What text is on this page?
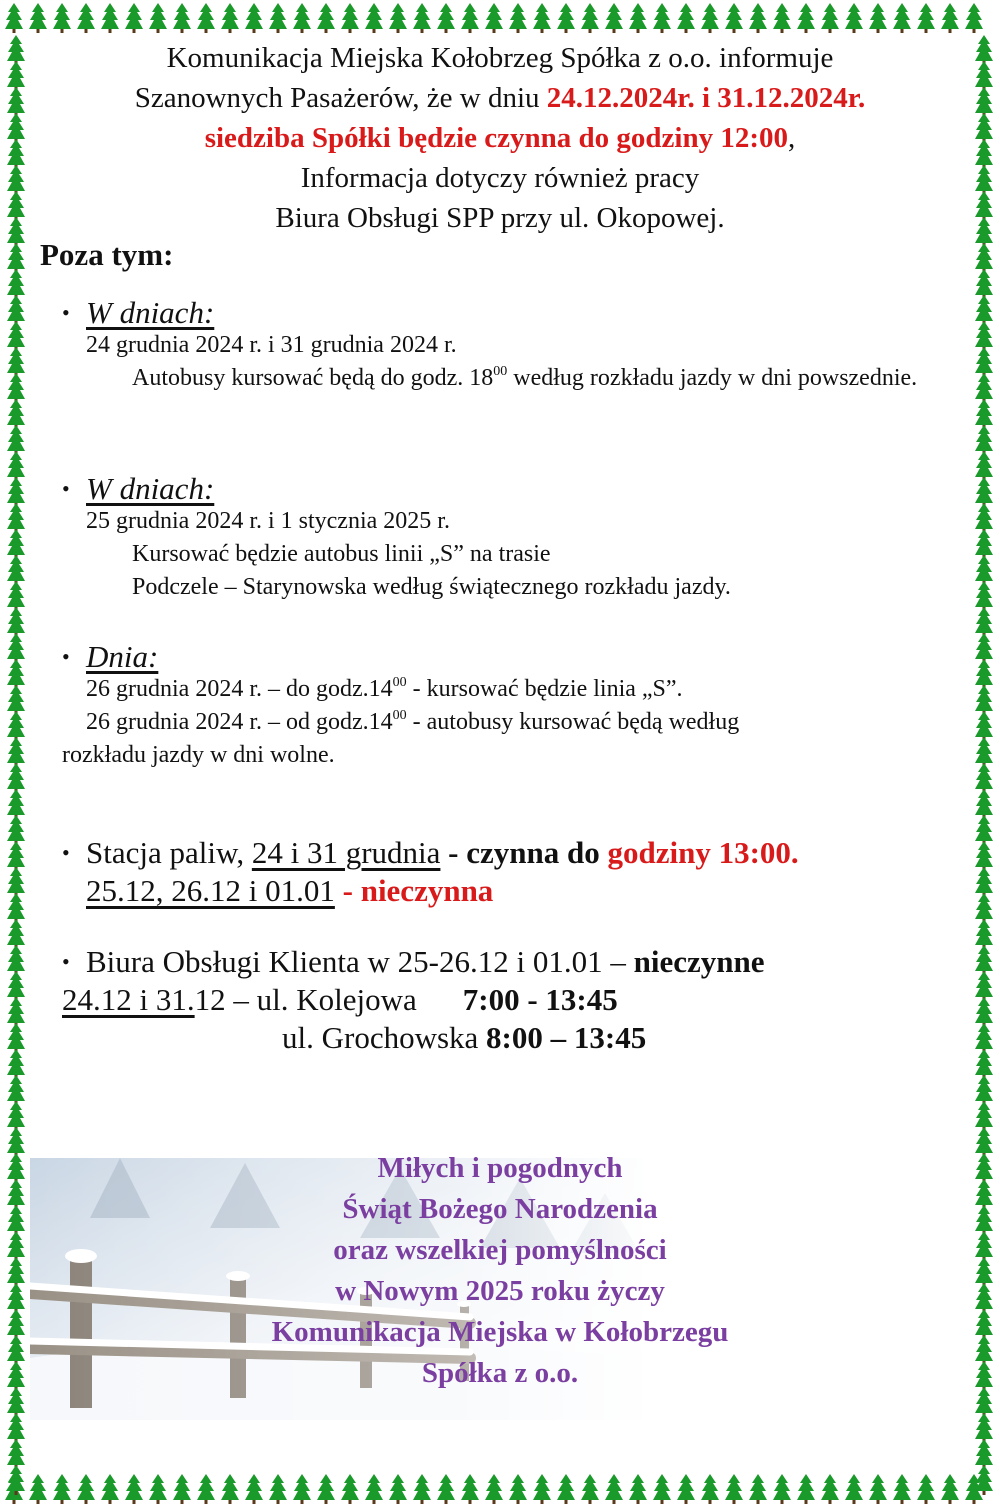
Komunikacja Miejska Kołobrzeg Spółka z o.o. informuje
Szanownych Pasażerów, że w dniu 24.12.2024r. i 31.12.2024r.
siedziba Spółki będzie czynna do godziny 12:00,
Informacja dotyczy również pracy
Biura Obsługi SPP przy ul. Okopowej.
Poza tym:
• W dniach:
24 grudnia 2024 r. i 31 grudnia 2024 r.
Autobusy kursować będą do godz. $18^{00}$ według rozkładu jazdy w dni powszednie.
• W dniach:
25 grudnia 2024 r. i 1 stycznia 2025 r.
Kursować będzie autobus linii „S” na trasie
Podczele – Starynowska według świątecznego rozkładu jazdy.
• Dnia:
26 grudnia 2024 r. – do $godz.14^{00}$ - kursować będzie linia „S”.
26 grudnia 2024 r. – od $godz.14^{00}$ - autobusy kursować będą według
rozkładu jazdy w dni wolne.
• Stacja paliw, 24 i 31 grudnia - czynna do godziny 13:00.
25.12, 26.12 i 01.01 - nieczynna
• Biura Obsługi Klienta w 25-26.12 i 01.01 – nieczynne
24.12 i 31.12 – ul. Kolejowa 7:00 - 13:45
ul. Grochowska 8:00 – 13:45
Miłych i pogodnych
Świąt Bożego Narodzenia
oraz wszelkiej pomyślności
w Nowym 2025 roku życzy
Komunikacja Miejska w Kołobrzegu
Spółka z o.o.
